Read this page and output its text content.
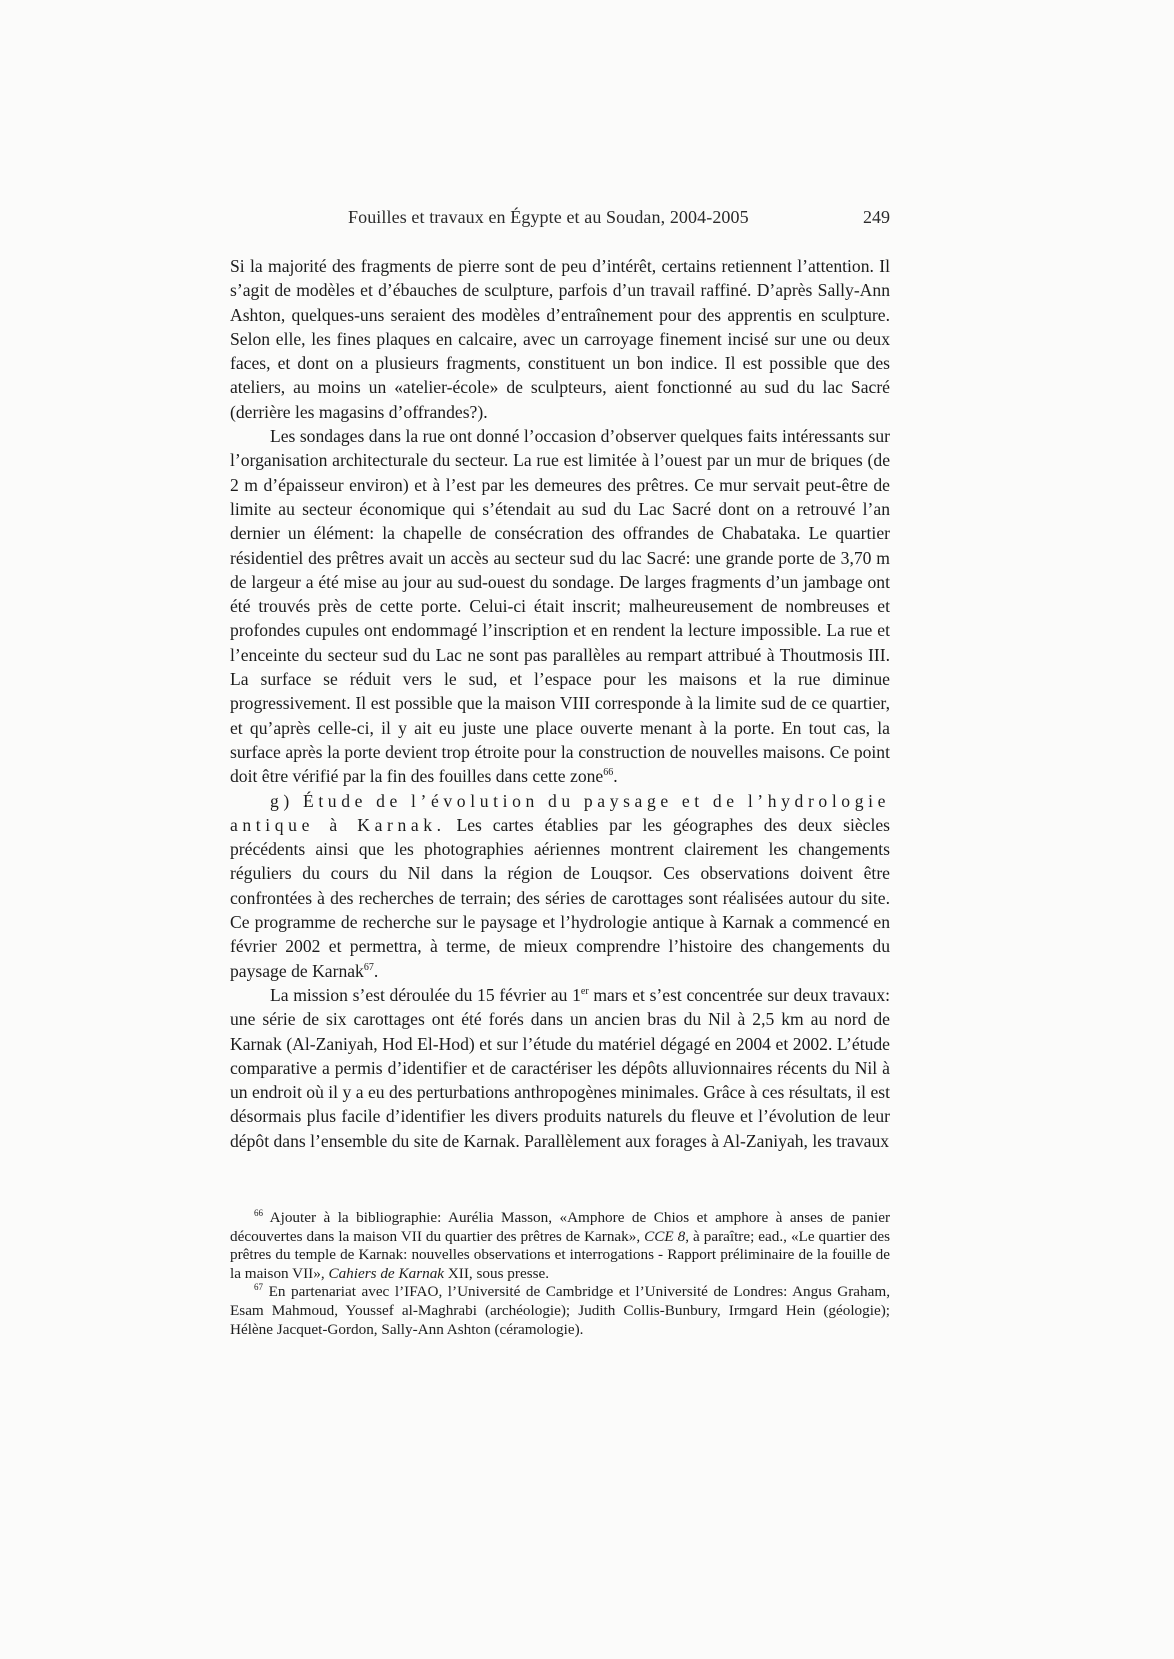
Fouilles et travaux en Égypte et au Soudan, 2004-2005	249

Si la majorité des fragments de pierre sont de peu d’intérêt, certains retiennent l’attention. Il s’agit de modèles et d’ébauches de sculpture, parfois d’un travail raffiné. D’après Sally-Ann Ashton, quelques-uns seraient des modèles d’entraînement pour des apprentis en sculpture. Selon elle, les fines plaques en calcaire, avec un carroyage finement incisé sur une ou deux faces, et dont on a plusieurs fragments, constituent un bon indice. Il est possible que des ateliers, au moins un «atelier-école» de sculpteurs, aient fonctionné au sud du lac Sacré (derrière les magasins d’offrandes?).

Les sondages dans la rue ont donné l’occasion d’observer quelques faits intéressants sur l’organisation architecturale du secteur. La rue est limitée à l’ouest par un mur de briques (de 2 m d’épaisseur environ) et à l’est par les demeures des prêtres. Ce mur servait peut-être de limite au secteur économique qui s’étendait au sud du Lac Sacré dont on a retrouvé l’an dernier un élément: la chapelle de consécration des offrandes de Chabataka. Le quartier résidentiel des prêtres avait un accès au secteur sud du lac Sacré: une grande porte de 3,70 m de largeur a été mise au jour au sud-ouest du sondage. De larges fragments d’un jambage ont été trouvés près de cette porte. Celui-ci était inscrit; malheureusement de nombreuses et profondes cupules ont endommagé l’inscription et en rendent la lecture impossible. La rue et l’enceinte du secteur sud du Lac ne sont pas parallèles au rempart attribué à Thoutmosis III. La surface se réduit vers le sud, et l’espace pour les maisons et la rue diminue progressivement. Il est possible que la maison VIII corresponde à la limite sud de ce quartier, et qu’après celle-ci, il y ait eu juste une place ouverte menant à la porte. En tout cas, la surface après la porte devient trop étroite pour la construction de nouvelles maisons. Ce point doit être vérifié par la fin des fouilles dans cette zone$^{66}$.

g) Étude de l’évolution du paysage et de l’hydrologie antique à Karnak. Les cartes établies par les géographes des deux siècles précédents ainsi que les photographies aériennes montrent clairement les changements réguliers du cours du Nil dans la région de Louqsor. Ces observations doivent être confrontées à des recherches de terrain; des séries de carottages sont réalisées autour du site. Ce programme de recherche sur le paysage et l’hydrologie antique à Karnak a commencé en février 2002 et permettra, à terme, de mieux comprendre l’histoire des changements du paysage de Karnak$^{67}$.

La mission s’est déroulée du 15 février au 1er mars et s’est concentrée sur deux travaux: une série de six carottages ont été forés dans un ancien bras du Nil à 2,5 km au nord de Karnak (Al-Zaniyah, Hod El-Hod) et sur l’étude du matériel dégagé en 2004 et 2002. L’étude comparative a permis d’identifier et de caractériser les dépôts alluvionnaires récents du Nil à un endroit où il y a eu des perturbations anthropogènes minimales. Grâce à ces résultats, il est désormais plus facile d’identifier les divers produits naturels du fleuve et l’évolution de leur dépôt dans l’ensemble du site de Karnak. Parallèlement aux forages à Al-Zaniyah, les travaux

$^{66}$ Ajouter à la bibliographie: Aurélia Masson, «Amphore de Chios et amphore à anses de panier découvertes dans la maison VII du quartier des prêtres de Karnak», CCE 8, à paraître; ead., «Le quartier des prêtres du temple de Karnak: nouvelles observations et interrogations - Rapport préliminaire de la fouille de la maison VII», Cahiers de Karnak XII, sous presse.

$^{67}$ En partenariat avec l’IFAO, l’Université de Cambridge et l’Université de Londres: Angus Graham, Esam Mahmoud, Youssef al-Maghrabi (archéologie); Judith Collis-Bunbury, Irmgard Hein (géologie); Hélène Jacquet-Gordon, Sally-Ann Ashton (céramologie).
